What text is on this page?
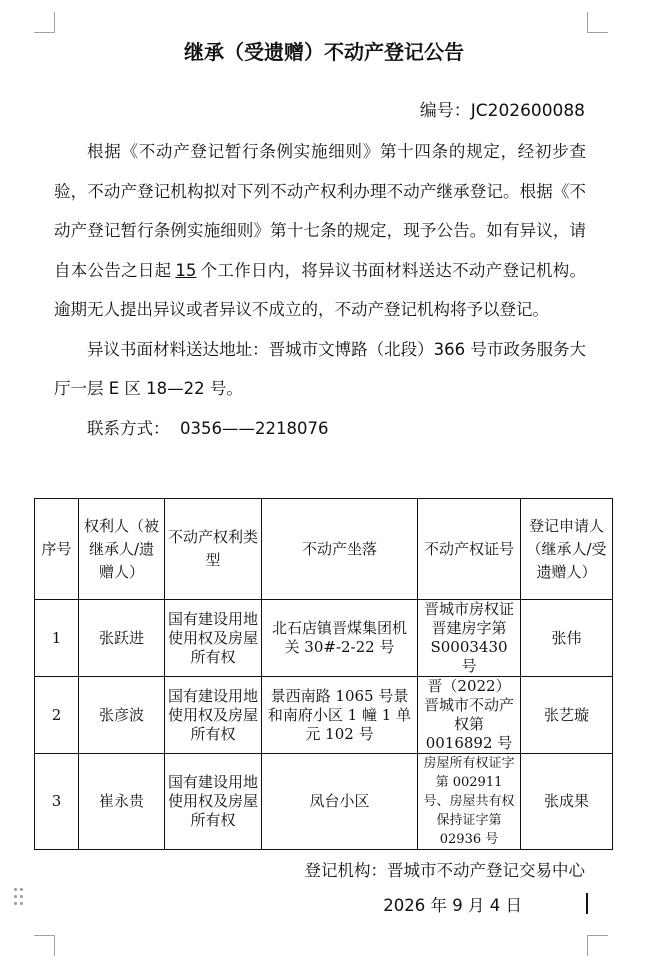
继承（受遗赠）不动产登记公告
编号：JC202600088

根据《不动产登记暂行条例实施细则》第十四条的规定，经初步查验，不动产登记机构拟对下列不动产权利办理不动产继承登记。根据《不动产登记暂行条例实施细则》第十七条的规定，现予公告。如有异议，请自本公告之日起 15 个工作日内，将异议书面材料送达不动产登记机构。逾期无人提出异议或者异议不成立的，不动产登记机构将予以登记。

异议书面材料送达地址：晋城市文博路（北段）366 号市政务服务大厅一层 E 区 18—22 号。

联系方式： 0356——2218076

序号	权利人（被继承人/遗赠人）	不动产权利类型	不动产坐落	不动产权证号	登记申请人（继承人/受遗赠人）
1	张跃进	国有建设用地使用权及房屋所有权	北石店镇晋煤集团机关 30#-2-22 号	晋城市房权证晋建房字第 S0003430 号	张伟
2	张彦波	国有建设用地使用权及房屋所有权	景西南路 1065 号景和南府小区 1 幢 1 单元 102 号	晋（2022）晋城市不动产权第 0016892 号	张艺璇
3	崔永贵	国有建设用地使用权及房屋所有权	凤台小区	房屋所有权证字第 002911 号、房屋共有权保持证字第 02936 号	张成果
登记机构：晋城市不动产登记交易中心
2026 年 9 月 4 日
